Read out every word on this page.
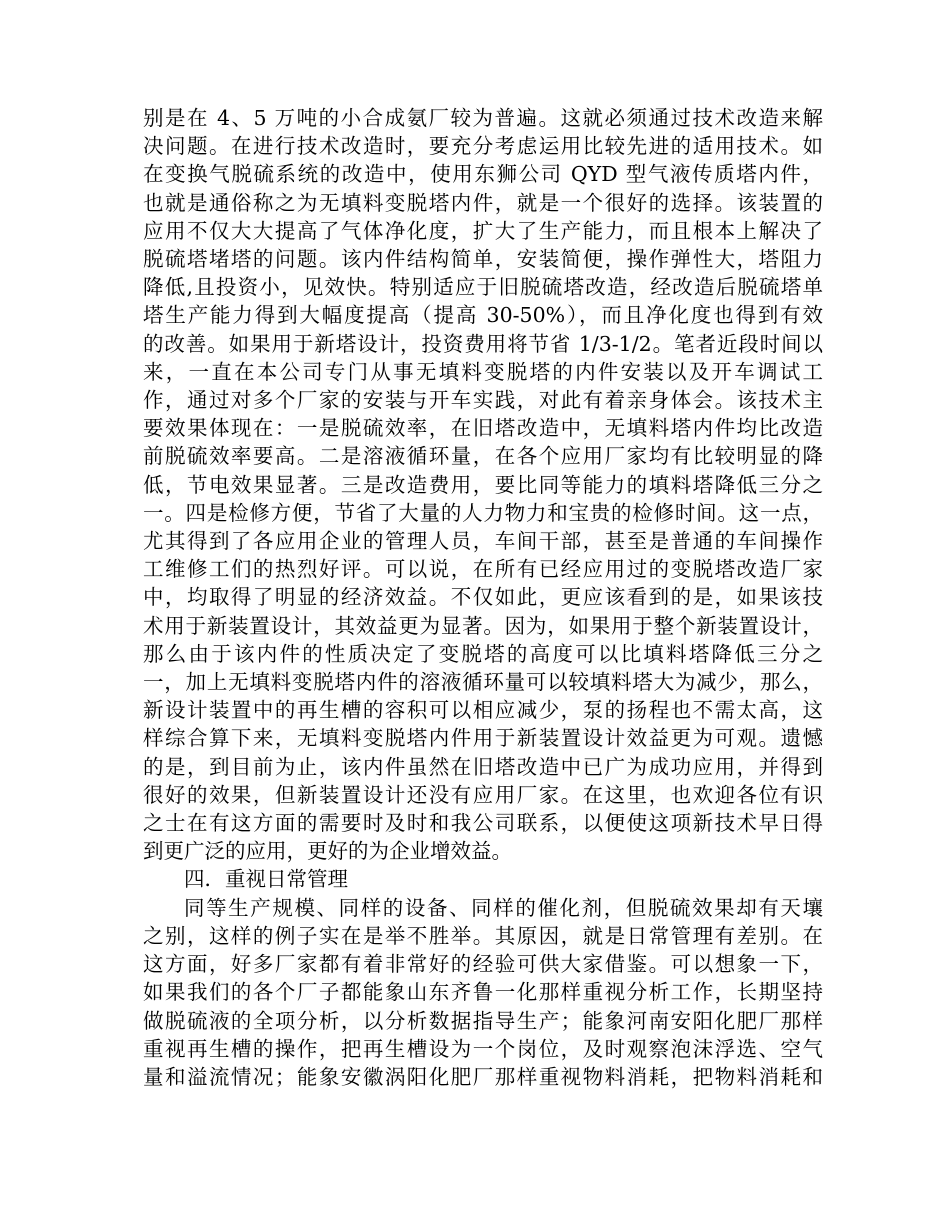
别是在 4、5 万吨的小合成氨厂较为普遍。这就必须通过技术改造来解
决问题。在进行技术改造时，要充分考虑运用比较先进的适用技术。如
在变换气脱硫系统的改造中，使用东狮公司 QYD 型气液传质塔内件，
也就是通俗称之为无填料变脱塔内件，就是一个很好的选择。该装置的
应用不仅大大提高了气体净化度，扩大了生产能力，而且根本上解决了
脱硫塔堵塔的问题。该内件结构简单，安装简便，操作弹性大，塔阻力
降低,且投资小，见效快。特别适应于旧脱硫塔改造，经改造后脱硫塔单
塔生产能力得到大幅度提高（提高 30-50%），而且净化度也得到有效
的改善。如果用于新塔设计，投资费用将节省 1/3-1/2。笔者近段时间以
来，一直在本公司专门从事无填料变脱塔的内件安装以及开车调试工
作，通过对多个厂家的安装与开车实践，对此有着亲身体会。该技术主
要效果体现在：一是脱硫效率，在旧塔改造中，无填料塔内件均比改造
前脱硫效率要高。二是溶液循环量，在各个应用厂家均有比较明显的降
低，节电效果显著。三是改造费用，要比同等能力的填料塔降低三分之
一。四是检修方便，节省了大量的人力物力和宝贵的检修时间。这一点，
尤其得到了各应用企业的管理人员，车间干部，甚至是普通的车间操作
工维修工们的热烈好评。可以说，在所有已经应用过的变脱塔改造厂家
中，均取得了明显的经济效益。不仅如此，更应该看到的是，如果该技
术用于新装置设计，其效益更为显著。因为，如果用于整个新装置设计，
那么由于该内件的性质决定了变脱塔的高度可以比填料塔降低三分之
一，加上无填料变脱塔内件的溶液循环量可以较填料塔大为减少，那么，
新设计装置中的再生槽的容积可以相应减少，泵的扬程也不需太高，这
样综合算下来，无填料变脱塔内件用于新装置设计效益更为可观。遗憾
的是，到目前为止，该内件虽然在旧塔改造中已广为成功应用，并得到
很好的效果，但新装置设计还没有应用厂家。在这里，也欢迎各位有识
之士在有这方面的需要时及时和我公司联系，以便使这项新技术早日得
到更广泛的应用，更好的为企业增效益。
四．重视日常管理
同等生产规模、同样的设备、同样的催化剂，但脱硫效果却有天壤
之别，这样的例子实在是举不胜举。其原因，就是日常管理有差别。在
这方面，好多厂家都有着非常好的经验可供大家借鉴。可以想象一下，
如果我们的各个厂子都能象山东齐鲁一化那样重视分析工作，长期坚持
做脱硫液的全项分析，以分析数据指导生产；能象河南安阳化肥厂那样
重视再生槽的操作，把再生槽设为一个岗位，及时观察泡沫浮选、空气
量和溢流情况；能象安徽涡阳化肥厂那样重视物料消耗，把物料消耗和
